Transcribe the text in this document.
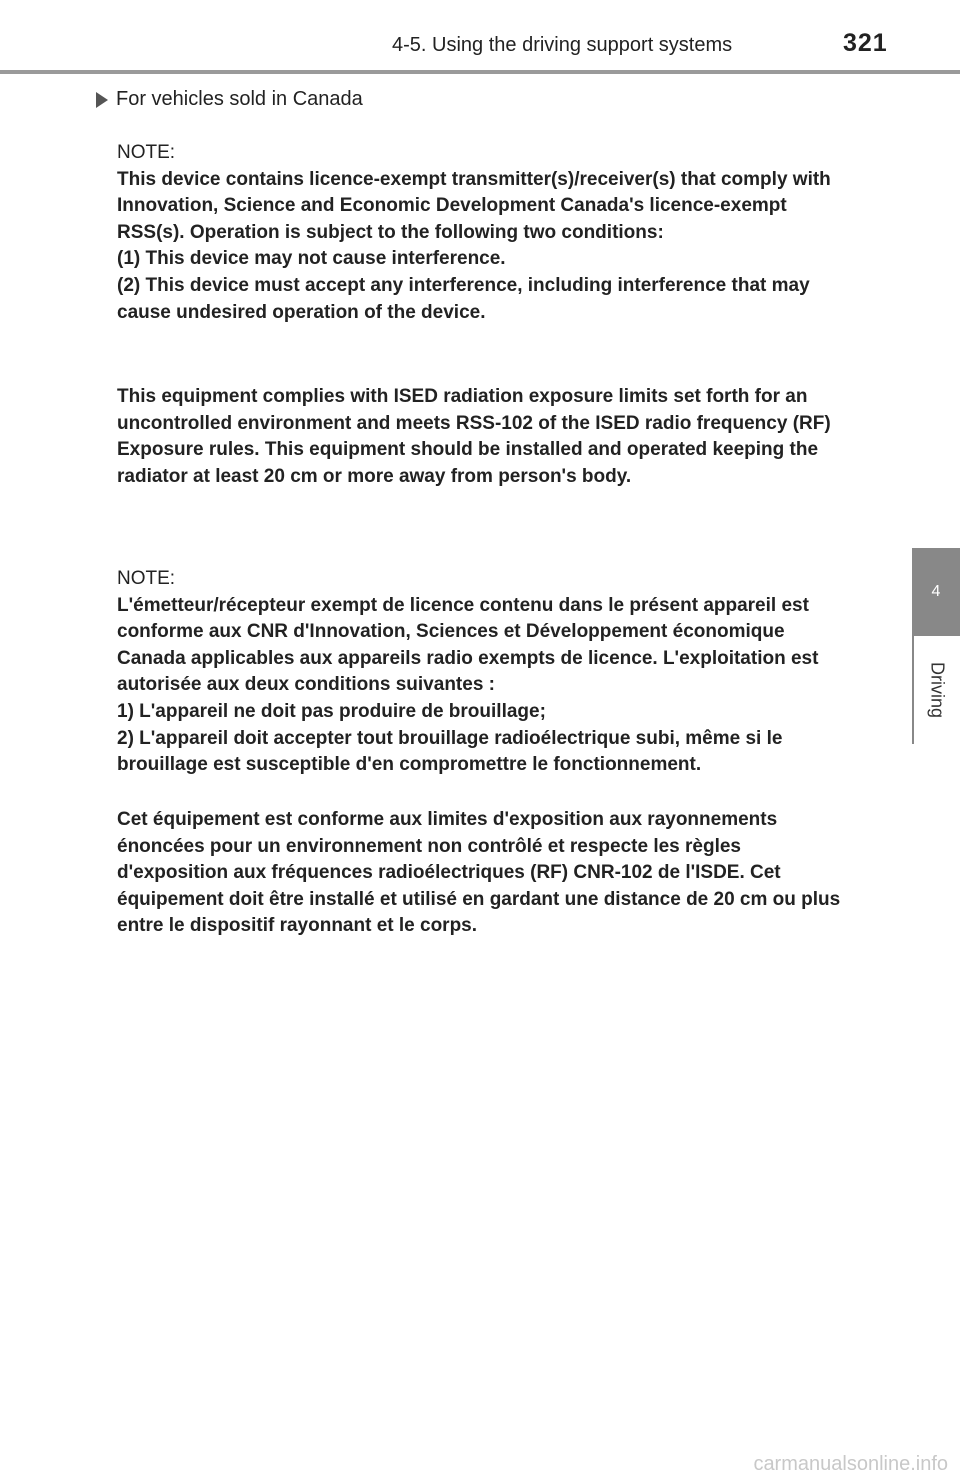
4-5. Using the driving support systems	321
4
Driving
For vehicles sold in Canada
NOTE:

This device contains licence-exempt transmitter(s)/receiver(s) that comply with Innovation, Science and Economic Development Canada's licence-exempt RSS(s). Operation is subject to the following two conditions:

(1) This device may not cause interference.

(2) This device must accept any interference, including interference that may cause undesired operation of the device.

This equipment complies with ISED radiation exposure limits set forth for an uncontrolled environment and meets RSS-102 of the ISED radio frequency (RF) Exposure rules. This equipment should be installed and operated keeping the radiator at least 20 cm or more away from person's body.

NOTE:

L'émetteur/récepteur exempt de licence contenu dans le présent appareil est conforme aux CNR d'Innovation, Sciences et Développement économique Canada applicables aux appareils radio exempts de licence. L'exploitation est autorisée aux deux conditions suivantes :

1) L'appareil ne doit pas produire de brouillage;

2) L'appareil doit accepter tout brouillage radioélectrique subi, même si le brouillage est susceptible d'en compromettre le fonctionnement.

Cet équipement est conforme aux limites d'exposition aux rayonnements énoncées pour un environnement non contrôlé et respecte les règles d'exposition aux fréquences radioélectriques (RF) CNR-102 de l'ISDE. Cet équipement doit être installé et utilisé en gardant une distance de 20 cm ou plus entre le dispositif rayonnant et le corps.

carmanualsonline.info
